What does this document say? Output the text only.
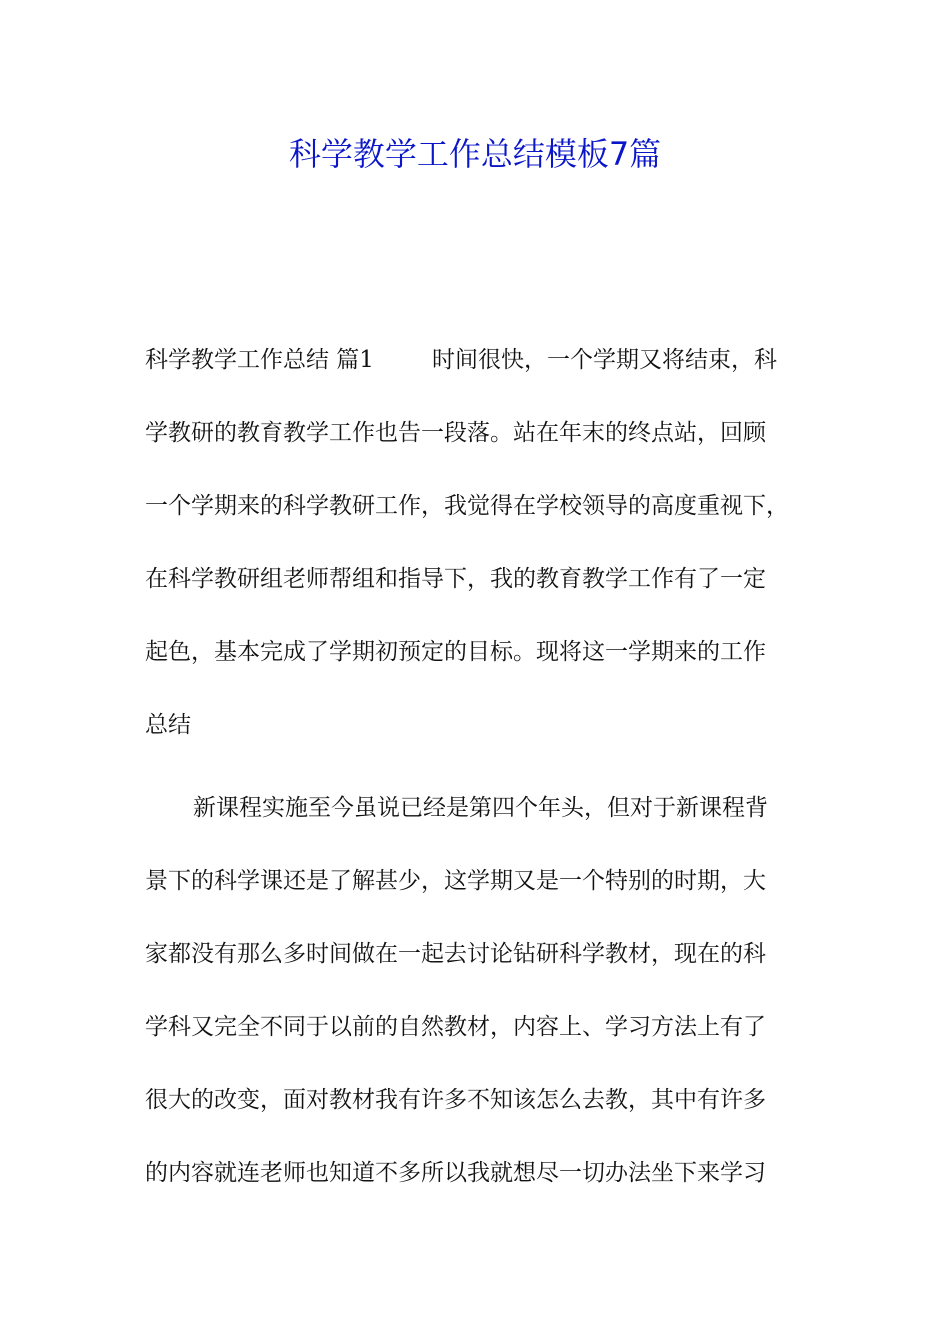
科学教学工作总结模板7篇
科学教学工作总结 篇1	时间很快，一个学期又将结束，科
学教研的教育教学工作也告一段落。站在年末的终点站，回顾
一个学期来的科学教研工作，我觉得在学校领导的高度重视下，
在科学教研组老师帮组和指导下，我的教育教学工作有了一定
起色，基本完成了学期初预定的目标。现将这一学期来的工作
总结
新课程实施至今虽说已经是第四个年头，但对于新课程背
景下的科学课还是了解甚少，这学期又是一个特别的时期，大
家都没有那么多时间做在一起去讨论钻研科学教材，现在的科
学科又完全不同于以前的自然教材，内容上、学习方法上有了
很大的改变，面对教材我有许多不知该怎么去教，其中有许多
的内容就连老师也知道不多所以我就想尽一切办法坐下来学习
